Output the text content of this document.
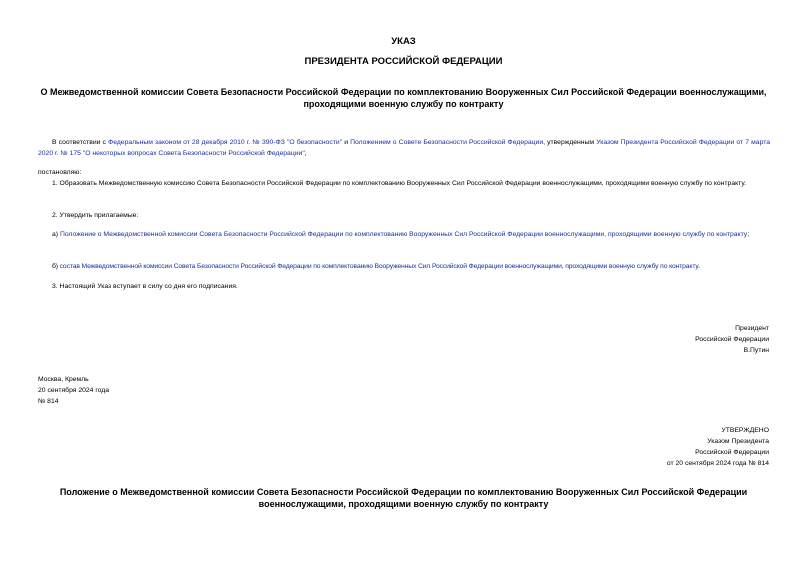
УКАЗ
ПРЕЗИДЕНТА РОССИЙСКОЙ ФЕДЕРАЦИИ
О Межведомственной комиссии Совета Безопасности Российской Федерации по комплектованию Вооруженных Сил Российской Федерации военнослужащими, проходящими военную службу по контракту
В соответствии с Федеральным законом от 28 декабря 2010 г. № 390-ФЗ "О безопасности" и Положением о Совете Безопасности Российской Федерации, утвержденным Указом Президента Российской Федерации от 7 марта 2020 г. № 175 "О некоторых вопросах Совета Безопасности Российской Федерации",
постановляю:
1. Образовать Межведомственную комиссию Совета Безопасности Российской Федерации по комплектованию Вооруженных Сил Российской Федерации военнослужащими, проходящими военную службу по контракту.
2. Утвердить прилагаемые:
а) Положение о Межведомственной комиссии Совета Безопасности Российской Федерации по комплектованию Вооруженных Сил Российской Федерации военнослужащими, проходящими военную службу по контракту;
б) состав Межведомственной комиссии Совета Безопасности Российской Федерации по комплектованию Вооруженных Сил Российской Федерации военнослужащими, проходящими военную службу по контракту.
3. Настоящий Указ вступает в силу со дня его подписания.
Президент
Российской Федерации
В.Путин
Москва, Кремль
20 сентября 2024 года
№ 814
УТВЕРЖДЕНО
Указом Президента
Российской Федерации
от 20 сентября 2024 года № 814
Положение о Межведомственной комиссии Совета Безопасности Российской Федерации по комплектованию Вооруженных Сил Российской Федерации военнослужащими, проходящими военную службу по контракту
